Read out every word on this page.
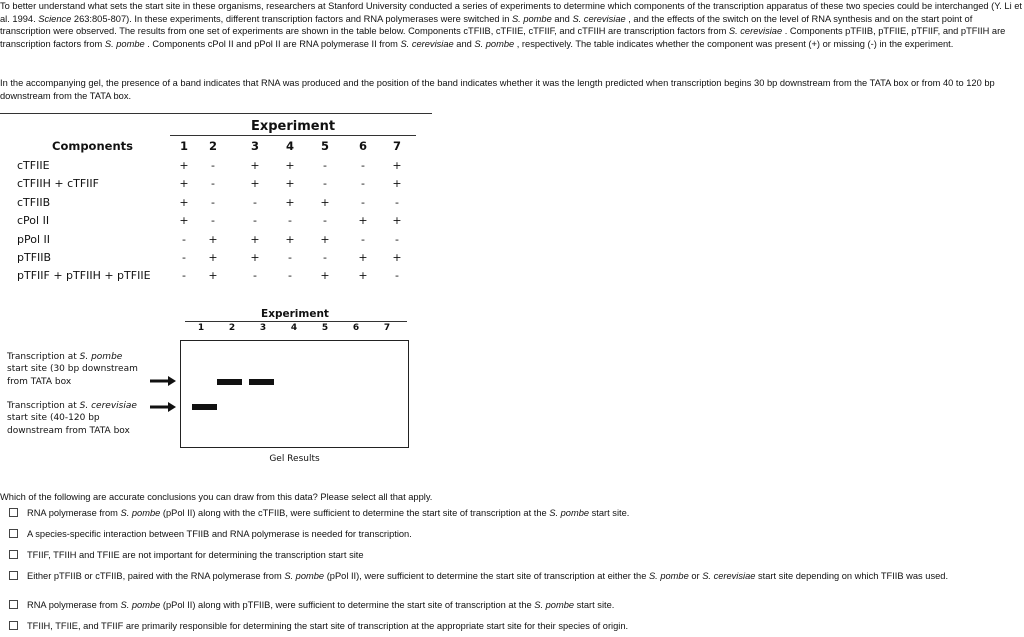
To better understand what sets the start site in these organisms, researchers at Stanford University conducted a series of experiments to determine which components of the transcription apparatus of these two species could be interchanged (Y. Li et al. 1994. Science 263:805-807). In these experiments, different transcription factors and RNA polymerases were switched in S. pombe and S. cerevisiae , and the effects of the switch on the level of RNA synthesis and on the start point of transcription were observed. The results from one set of experiments are shown in the table below. Components cTFIIB, cTFIIE, cTFIIF, and cTFIIH are transcription factors from S. cerevisiae . Components pTFIIB, pTFIIE, pTFIIF, and pTFIIH are transcription factors from S. pombe . Components cPol II and pPol II are RNA polymerase II from S. cerevisiae and S. pombe , respectively. The table indicates whether the component was present (+) or missing (-) in the experiment.

In the accompanying gel, the presence of a band indicates that RNA was produced and the position of the band indicates whether it was the length predicted when transcription begins 30 bp downstream from the TATA box or from 40 to 120 bp downstream from the TATA box.

Experiment
Components	1	2	3	4	5	6	7
cTFIIE	+	-	+	+	-	-	+
cTFIIH + cTFIIF	+	-	+	+	-	-	+
cTFIIB	+	-	-	+	+	-	-
cPol II	+	-	-	-	-	+	+
pPol II	-	+	+	+	+	-	-
pTFIIB	-	+	+	-	-	+	+
pTFIIF + pTFIIH + pTFIIE	-	+	-	-	+	+	-
Experiment
Gel Results
Transcription at S. pombe
start site (30 bp downstream from TATA box
Transcription at S. cerevisiae
start site (40-120 bp downstream from TATA box
1	2	3	4	5	6	7
Which of the following are accurate conclusions you can draw from this data? Please select all that apply.
RNA polymerase from S. pombe (pPol II) along with the cTFIIB, were sufficient to determine the start site of transcription at the S. pombe start site.
A species-specific interaction between TFIIB and RNA polymerase is needed for transcription.
TFIIF, TFIIH and TFIIE are not important for determining the transcription start site
Either pTFIIB or cTFIIB, paired with the RNA polymerase from S. pombe (pPol II), were sufficient to determine the start site of transcription at either the S. pombe or S. cerevisiae start site depending on which TFIIB was used.
RNA polymerase from S. pombe (pPol II) along with pTFIIB, were sufficient to determine the start site of transcription at the S. pombe start site.
TFIIH, TFIIE, and TFIIF are primarily responsible for determining the start site of transcription at the appropriate start site for their species of origin.
